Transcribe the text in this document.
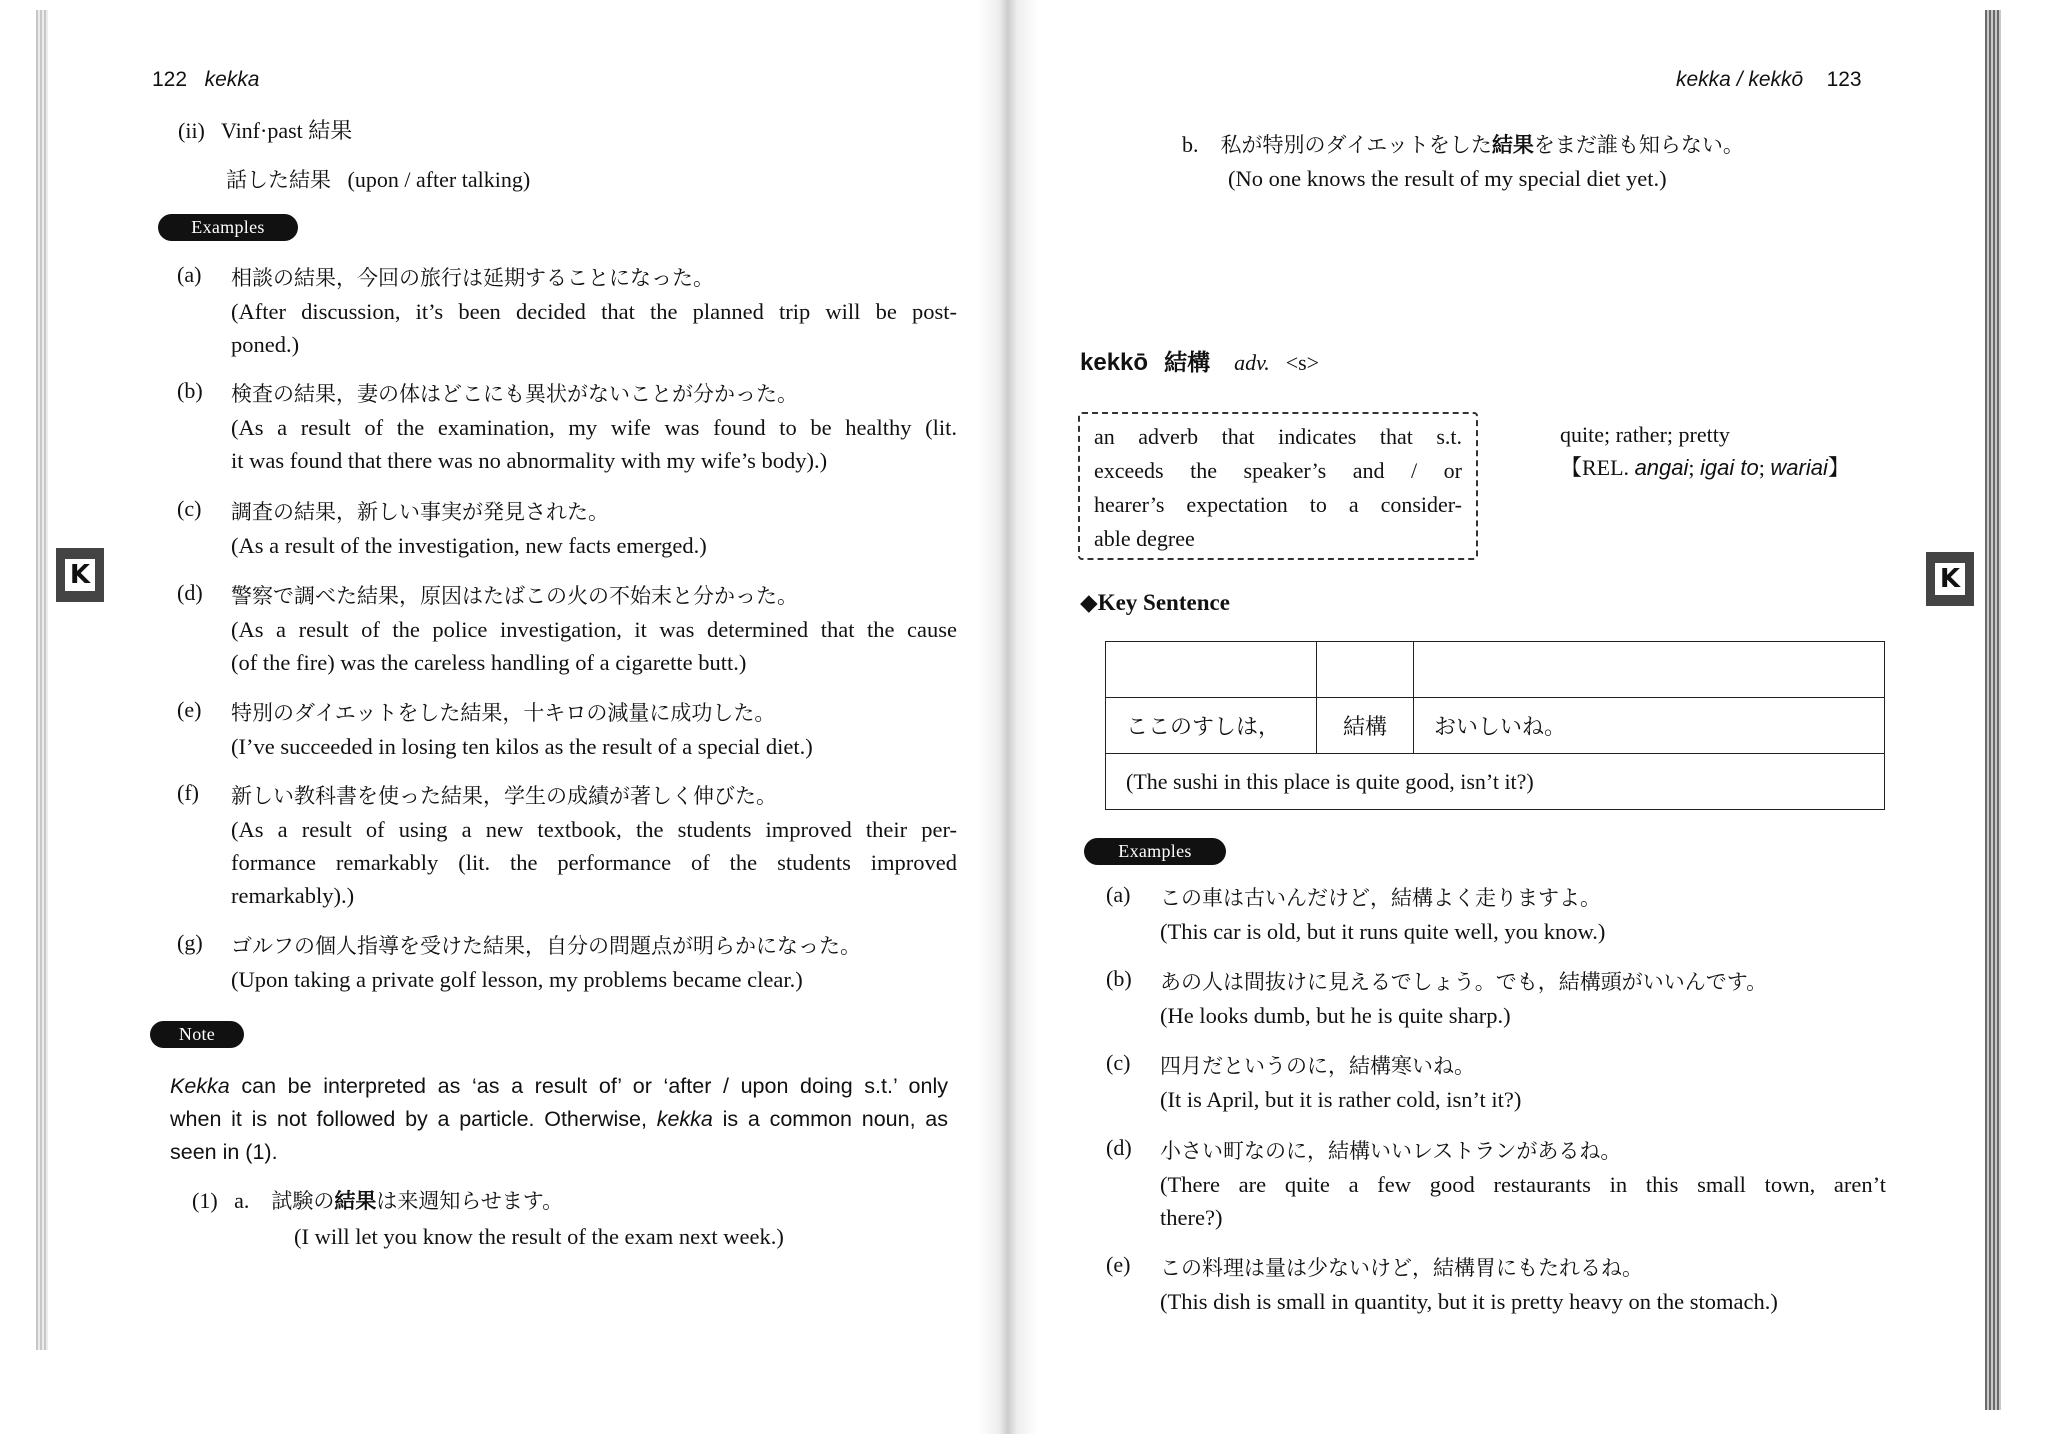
122 kekka
(ii) Vinf·past 結果
話した結果 (upon / after talking)
Examples
(a) 相談の結果，今回の旅行は延期することになった。
(After discussion, it’s been decided that the planned trip will be post-
poned.)
(b) 検査の結果，妻の体はどこにも異状がないことが分かった。
(As a result of the examination, my wife was found to be healthy (lit.
it was found that there was no abnormality with my wife’s body).)
(c) 調査の結果，新しい事実が発見された。
(As a result of the investigation, new facts emerged.)
(d) 警察で調べた結果，原因はたばこの火の不始末と分かった。
(As a result of the police investigation, it was determined that the cause
(of the fire) was the careless handling of a cigarette butt.)
(e) 特別のダイエットをした結果，十キロの減量に成功した。
(I’ve succeeded in losing ten kilos as the result of a special diet.)
(f) 新しい教科書を使った結果，学生の成績が著しく伸びた。
(As a result of using a new textbook, the students improved their per-
formance remarkably (lit. the performance of the students improved
remarkably).)
(g) ゴルフの個人指導を受けた結果，自分の問題点が明らかになった。
(Upon taking a private golf lesson, my problems became clear.)
Note
Kekka can be interpreted as ‘as a result of’ or ‘after / upon doing s.t.’ only
when it is not followed by a particle. Otherwise, kekka is a common noun, as
seen in (1).
(1) a. 試験の結果は来週知らせます。
(I will let you know the result of the exam next week.)
K
kekka / kekkō 123
b. 私が特別のダイエットをした結果をまだ誰も知らない。
(No one knows the result of my special diet yet.)
kekkō 結構 adv. <s>
an adverb that indicates that s.t.
exceeds the speaker’s and / or
hearer’s expectation to a consider-
able degree
quite; rather; pretty
【REL. angai; igai to; wariai】
◆Key Sentence

ここのすしは，	結構	おいしいね。
(The sushi in this place is quite good, isn’t it?)		
Examples
(a) この車は古いんだけど，結構よく走りますよ。
(This car is old, but it runs quite well, you know.)
(b) あの人は間抜けに見えるでしょう。でも，結構頭がいいんです。
(He looks dumb, but he is quite sharp.)
(c) 四月だというのに，結構寒いね。
(It is April, but it is rather cold, isn’t it?)
(d) 小さい町なのに，結構いいレストランがあるね。
(There are quite a few good restaurants in this small town, aren’t
there?)
(e) この料理は量は少ないけど，結構胃にもたれるね。
(This dish is small in quantity, but it is pretty heavy on the stomach.)
K
